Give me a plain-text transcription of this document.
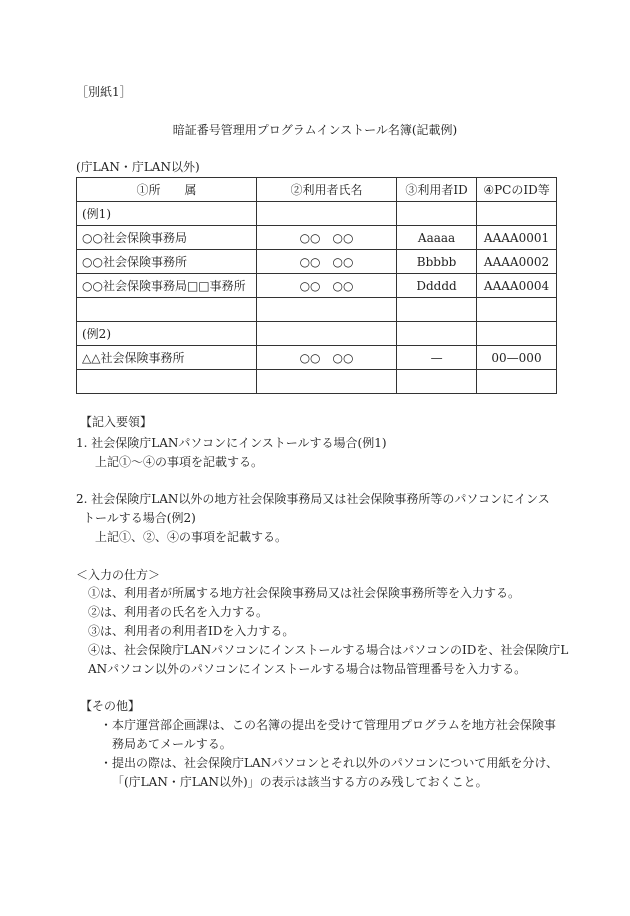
［別紙1］
暗証番号管理用プログラムインストール名簿(記載例)
(庁LAN・庁LAN以外)
①所　　属	②利用者氏名	③利用者ID	④PCのID等
(例1)			
○○社会保険事務局	○○　○○	Aaaaa	AAAA0001
○○社会保険事務所	○○　○○	Bbbbb	AAAA0002
○○社会保険事務局□□事務所	○○　○○	Ddddd	AAAA0004

(例2)			
△△社会保険事務所	○○　○○	—	00—000

【記入要領】
1. 社会保険庁LANパソコンにインストールする場合(例1)
上記①～④の事項を記載する。
2. 社会保険庁LAN以外の地方社会保険事務局又は社会保険事務所等のパソコンにインス
トールする場合(例2)
上記①、②、④の事項を記載する。
＜入力の仕方＞
①は、利用者が所属する地方社会保険事務局又は社会保険事務所等を入力する。
②は、利用者の氏名を入力する。
③は、利用者の利用者IDを入力する。
④は、社会保険庁LANパソコンにインストールする場合はパソコンのIDを、社会保険庁L
ANパソコン以外のパソコンにインストールする場合は物品管理番号を入力する。
【その他】
・本庁運営部企画課は、この名簿の提出を受けて管理用プログラムを地方社会保険事
務局あてメールする。
・提出の際は、社会保険庁LANパソコンとそれ以外のパソコンについて用紙を分け、
「(庁LAN・庁LAN以外)」の表示は該当する方のみ残しておくこと。
